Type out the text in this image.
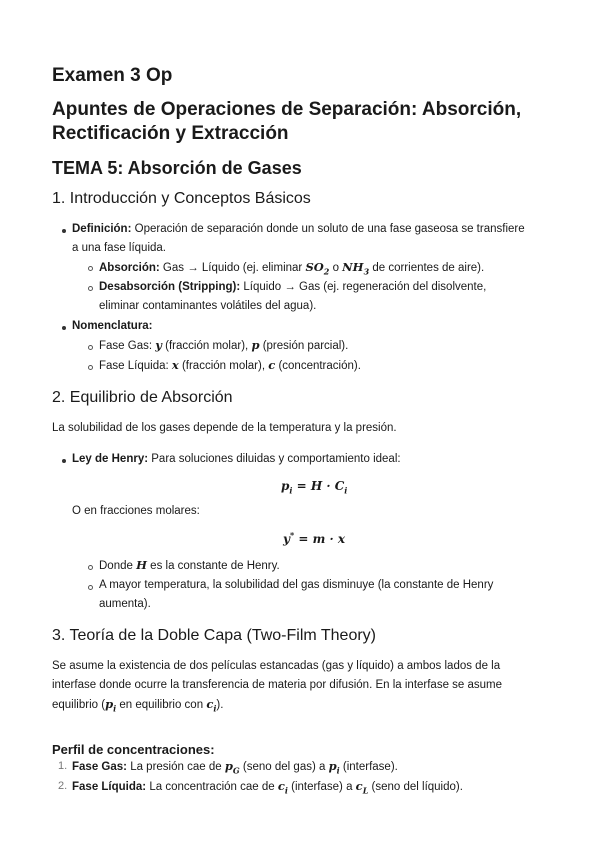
Examen 3 Op
Apuntes de Operaciones de Separación: Absorción, Rectificación y Extracción
TEMA 5: Absorción de Gases
1. Introducción y Conceptos Básicos
Definición: Operación de separación donde un soluto de una fase gaseosa se transfiere
a una fase líquida.
Absorción: Gas → Líquido (ej. eliminar $SO_2$ o $NH_3$ de corrientes de aire).
Desabsorción (Stripping): Líquido → Gas (ej. regeneración del disolvente,
eliminar contaminantes volátiles del agua).
Nomenclatura:
Fase Gas: y (fracción molar), p (presión parcial).
Fase Líquida: x (fracción molar), c (concentración).
2. Equilibrio de Absorción

La solubilidad de los gases depende de la temperatura y la presión.

Ley de Henry: Para soluciones diluidas y comportamiento ideal:
$p_i = H \cdot C_i$

O en fracciones molares:

y* = m · x
Donde H es la constante de Henry.
A mayor temperatura, la solubilidad del gas disminuye (la constante de Henry
aumenta).
3. Teoría de la Doble Capa (Two-Film Theory)
Se asume la existencia de dos películas estancadas (gas y líquido) a ambos lados de la
interfase donde ocurre la transferencia de materia por difusión. En la interfase se asume
equilibrio ($p_i$ en equilibrio con $c_i$).
Perfil de concentraciones:
1. Fase Gas: La presión cae de $p_G$ (seno del gas) a $p_i$ (interfase).
2. Fase Líquida: La concentración cae de $c_i$ (interfase) a $c_L$ (seno del líquido).
